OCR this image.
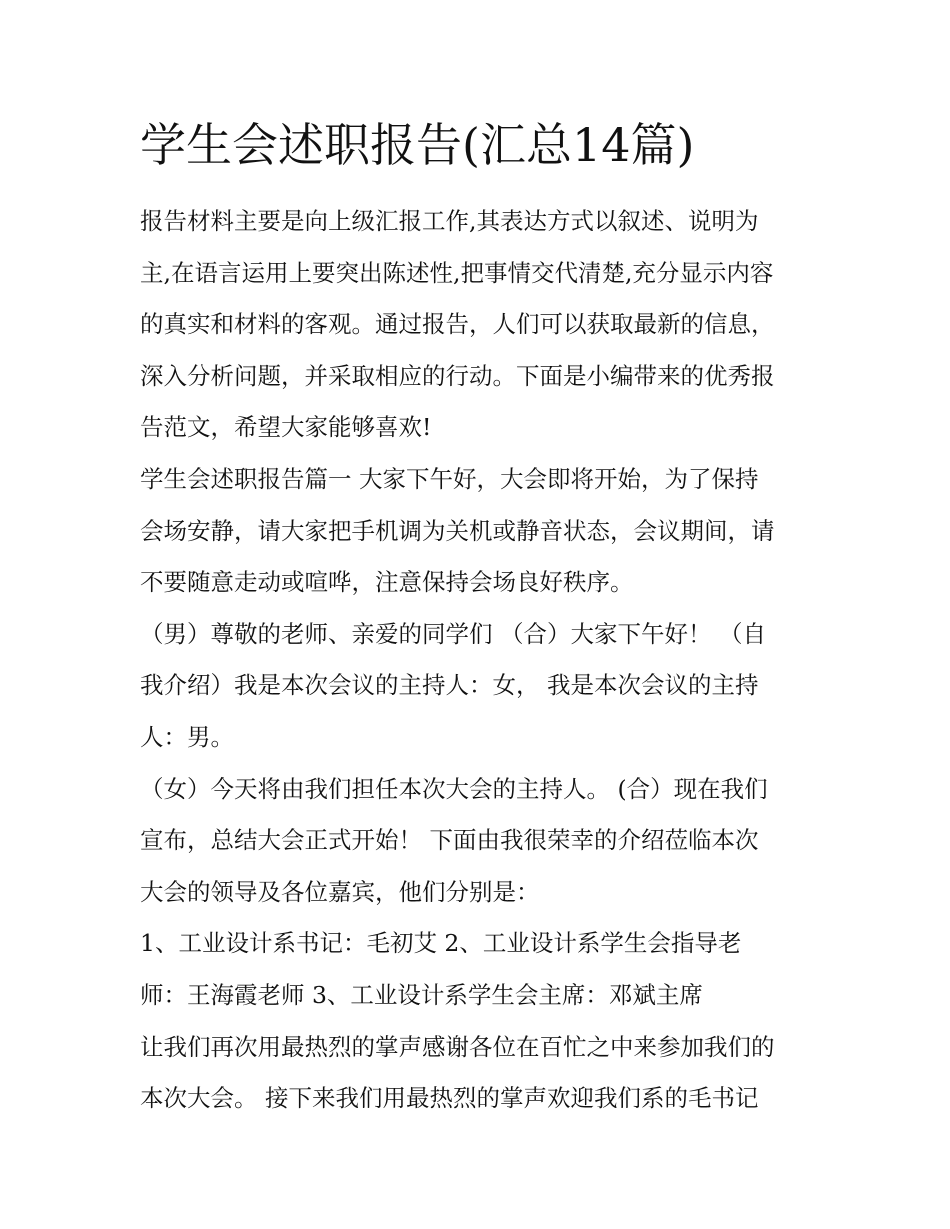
学生会述职报告(汇总14篇)

报告材料主要是向上级汇报工作,其表达方式以叙述、说明为

主,在语言运用上要突出陈述性,把事情交代清楚,充分显示内容

的真实和材料的客观。通过报告，人们可以获取最新的信息，

深入分析问题，并采取相应的行动。下面是小编带来的优秀报

告范文，希望大家能够喜欢!

学生会述职报告篇一 大家下午好，大会即将开始，为了保持

会场安静，请大家把手机调为关机或静音状态，会议期间，请

不要随意走动或喧哗，注意保持会场良好秩序。

（男）尊敬的老师、亲爱的同学们 （合）大家下午好！ （自

我介绍）我是本次会议的主持人：女， 我是本次会议的主持

人：男。

（女）今天将由我们担任本次大会的主持人。 (合）现在我们

宣布，总结大会正式开始！ 下面由我很荣幸的介绍莅临本次

大会的领导及各位嘉宾，他们分别是：

1、工业设计系书记：毛初艾 2、工业设计系学生会指导老

师：王海霞老师 3、工业设计系学生会主席：邓斌主席

让我们再次用最热烈的掌声感谢各位在百忙之中来参加我们的

本次大会。 接下来我们用最热烈的掌声欢迎我们系的毛书记
